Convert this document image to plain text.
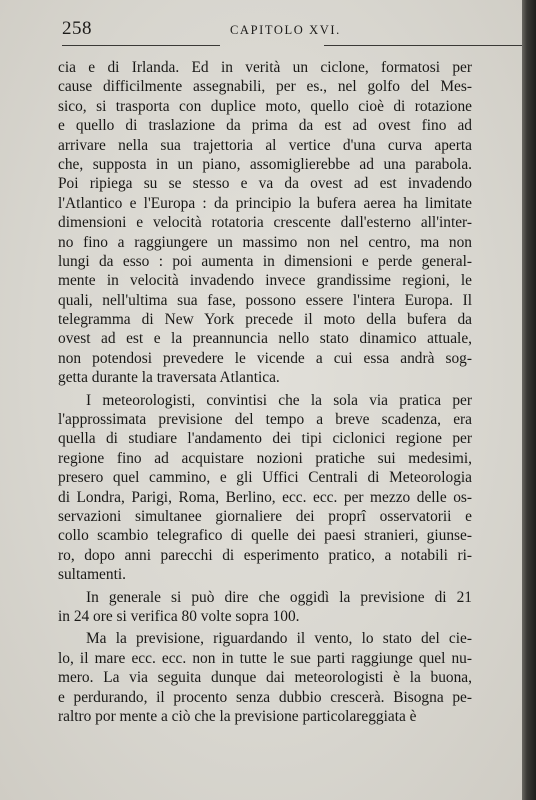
258	CAPITOLO XVI.
cia e di Irlanda. Ed in verità un ciclone, formatosi per
cause difficilmente assegnabili, per es., nel golfo del Mes-
sico, si trasporta con duplice moto, quello cioè di rotazione
e quello di traslazione da prima da est ad ovest fino ad
arrivare nella sua trajettoria al vertice d'una curva aperta
che, supposta in un piano, assomiglierebbe ad una parabola.
Poi ripiega su se stesso e va da ovest ad est invadendo
l'Atlantico e l'Europa : da principio la bufera aerea ha limitate
dimensioni e velocità rotatoria crescente dall'esterno all'inter-
no fino a raggiungere un massimo non nel centro, ma non
lungi da esso : poi aumenta in dimensioni e perde general-
mente in velocità invadendo invece grandissime regioni, le
quali, nell'ultima sua fase, possono essere l'intera Europa. Il
telegramma di New York precede il moto della bufera da
ovest ad est e la preannuncia nello stato dinamico attuale,
non potendosi prevedere le vicende a cui essa andrà sog-
getta durante la traversata Atlantica.
I meteorologisti, convintisi che la sola via pratica per
l'approssimata previsione del tempo a breve scadenza, era
quella di studiare l'andamento dei tipi ciclonici regione per
regione fino ad acquistare nozioni pratiche sui medesimi,
presero quel cammino, e gli Uffici Centrali di Meteorologia
di Londra, Parigi, Roma, Berlino, ecc. ecc. per mezzo delle os-
servazioni simultanee giornaliere dei proprî osservatorii e
collo scambio telegrafico di quelle dei paesi stranieri, giunse-
ro, dopo anni parecchi di esperimento pratico, a notabili ri-
sultamenti.
In generale si può dire che oggidì la previsione di 21
in 24 ore si verifica 80 volte sopra 100.
Ma la previsione, riguardando il vento, lo stato del cie-
lo, il mare ecc. ecc. non in tutte le sue parti raggiunge quel nu-
mero. La via seguita dunque dai meteorologisti è la buona,
e perdurando, il procento senza dubbio crescerà. Bisogna pe-
raltro por mente a ciò che la previsione particolareggiata è
